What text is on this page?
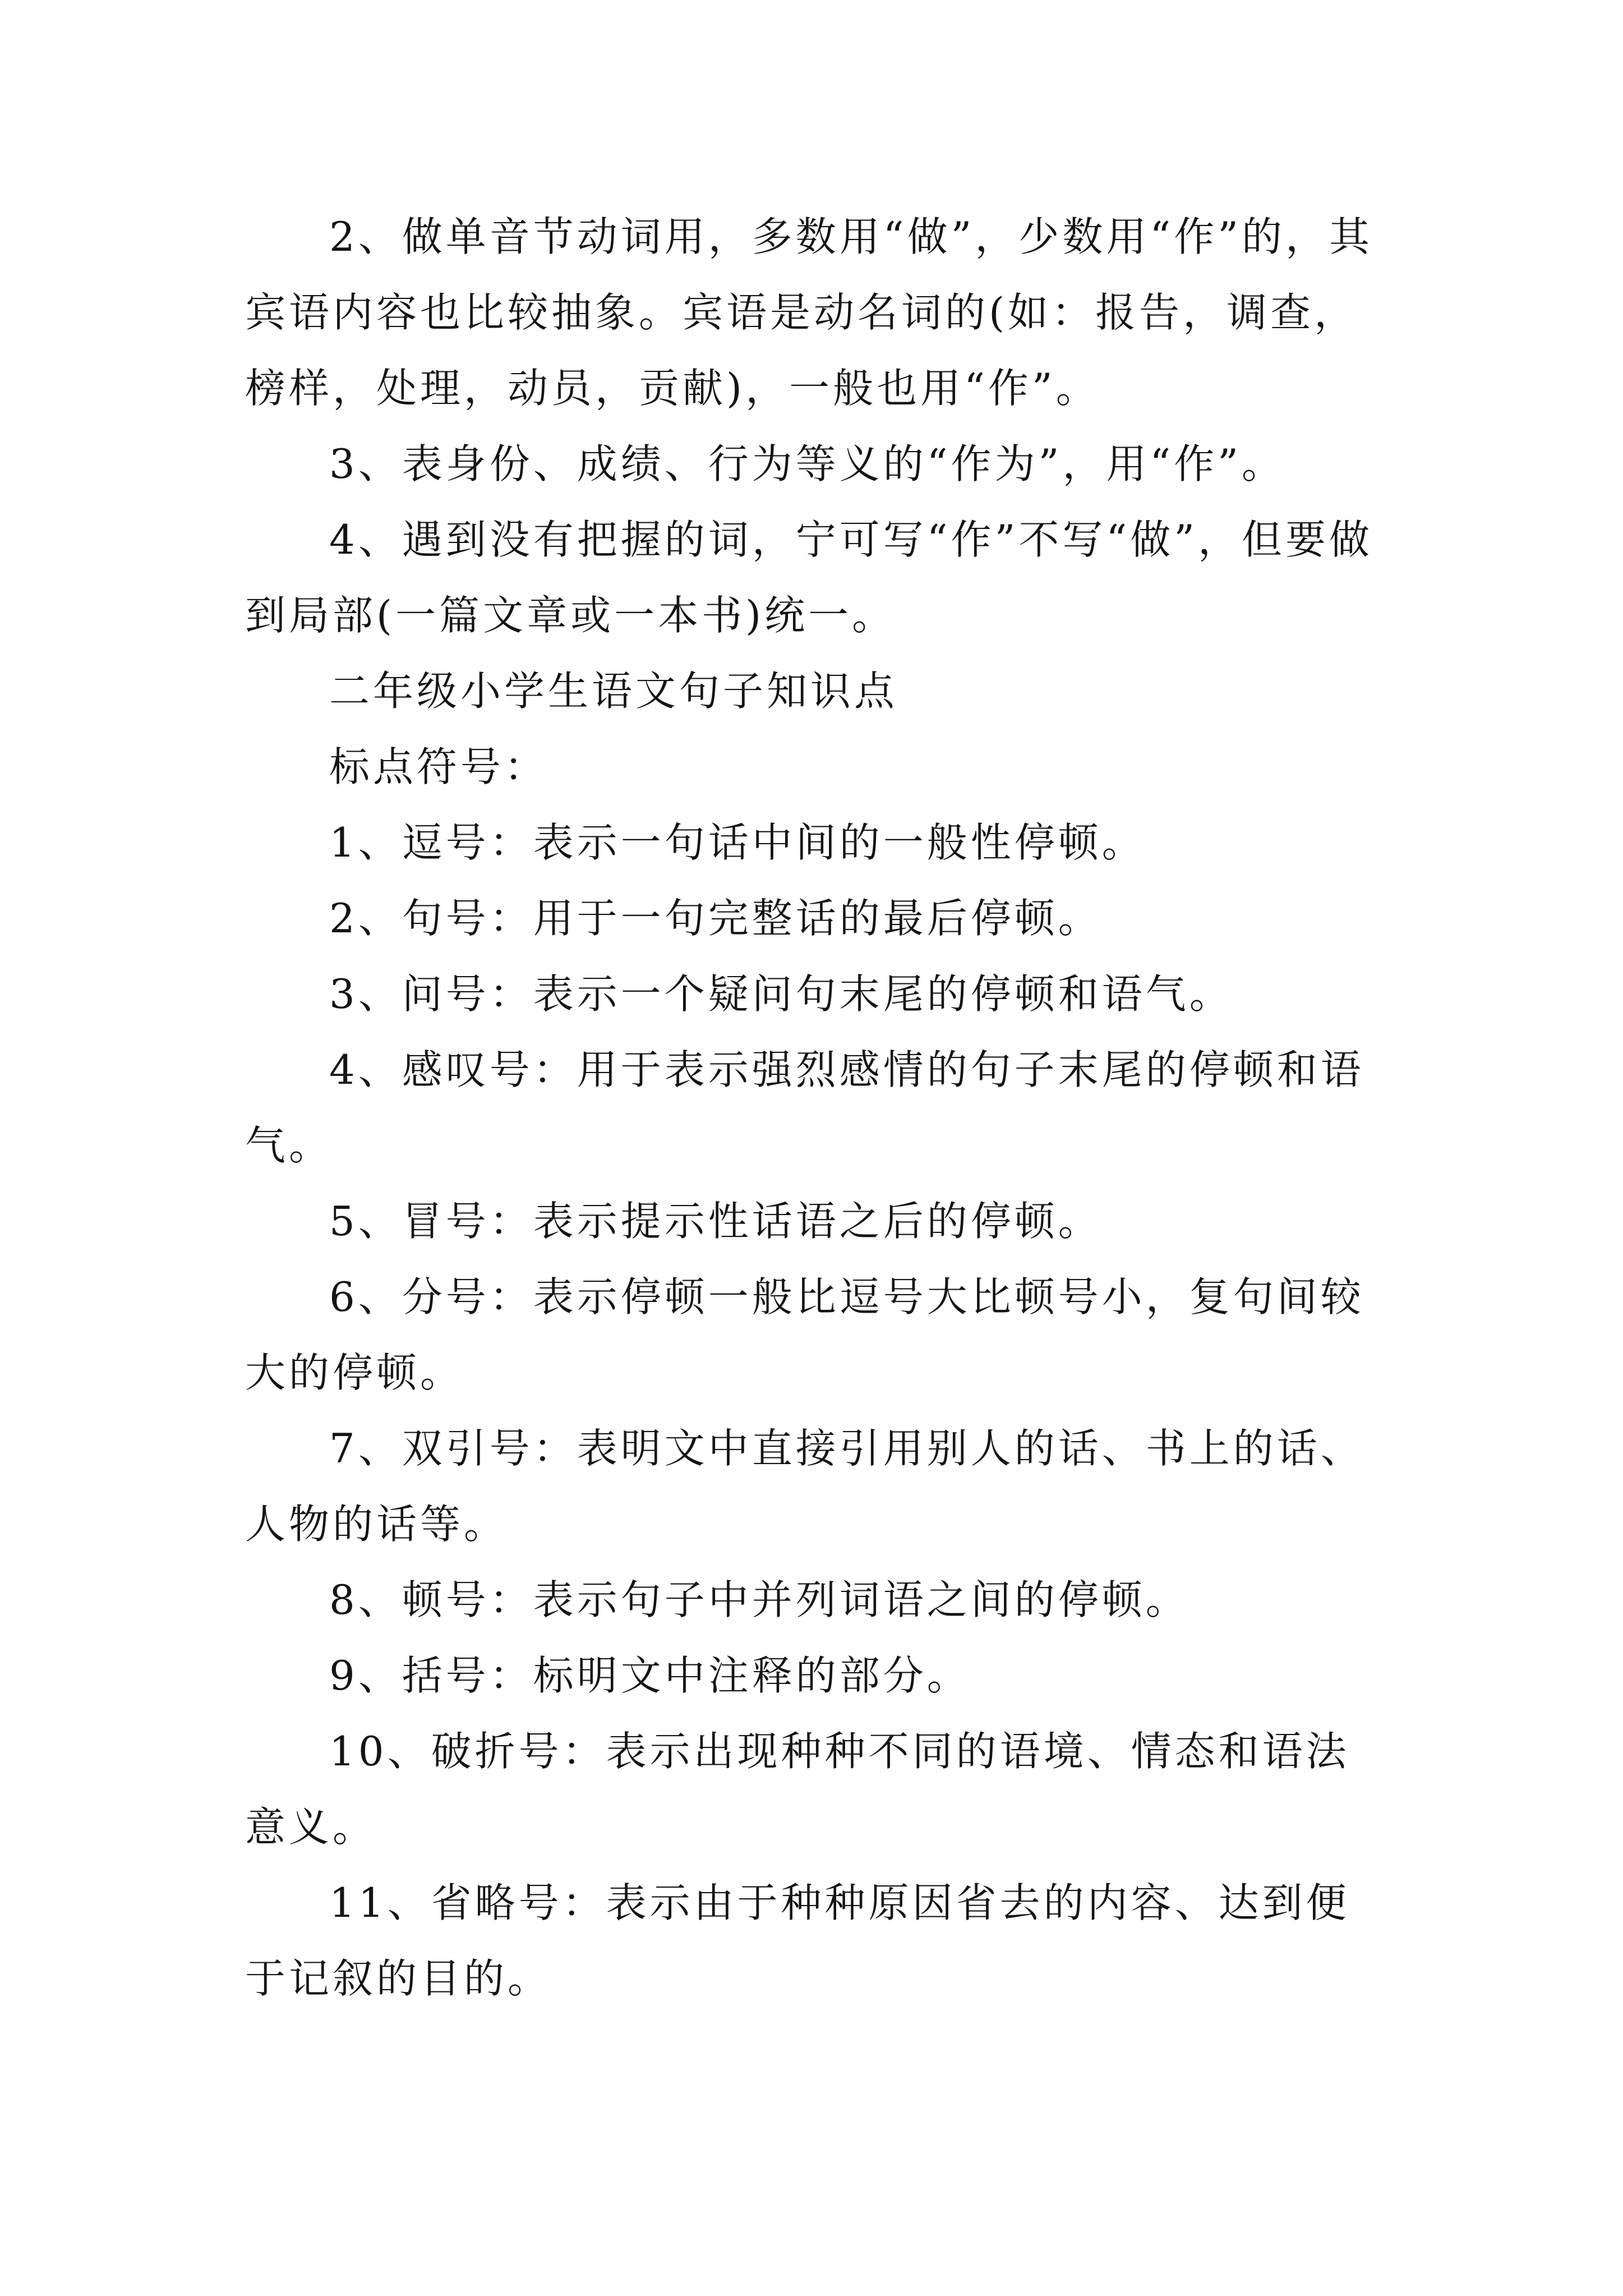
2、做单音节动词用，多数用“做”，少数用“作”的，其宾语内容也比较抽象。宾语是动名词的(如：报告，调查，榜样，处理，动员，贡献)，一般也用“作”。

3、表身份、成绩、行为等义的“作为”，用“作”。

4、遇到没有把握的词，宁可写“作”不写“做”，但要做到局部(一篇文章或一本书)统一。

二年级小学生语文句子知识点

标点符号：

1、逗号：表示一句话中间的一般性停顿。

2、句号：用于一句完整话的最后停顿。

3、问号：表示一个疑问句末尾的停顿和语气。

4、感叹号：用于表示强烈感情的句子末尾的停顿和语气。

5、冒号：表示提示性话语之后的停顿。

6、分号：表示停顿一般比逗号大比顿号小，复句间较大的停顿。

7、双引号：表明文中直接引用别人的话、书上的话、人物的话等。

8、顿号：表示句子中并列词语之间的停顿。

9、括号：标明文中注释的部分。

10、破折号：表示出现种种不同的语境、情态和语法意义。

11、省略号：表示由于种种原因省去的内容、达到便于记叙的目的。
